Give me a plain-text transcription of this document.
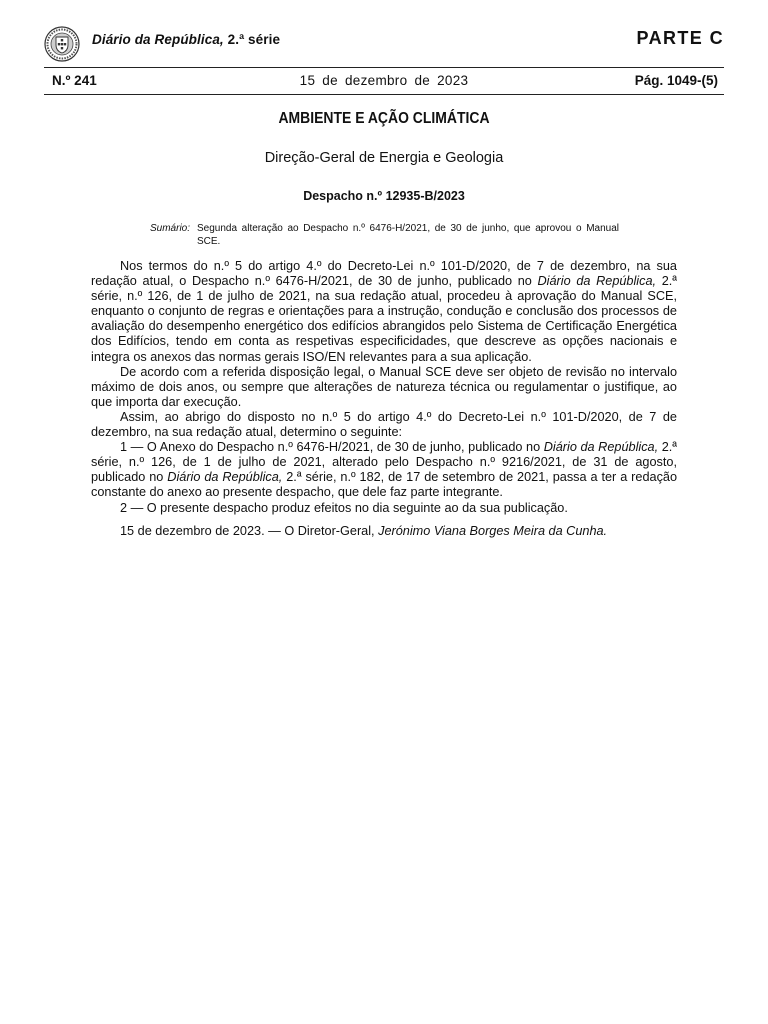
Diário da República, 2.ª série	PARTE C
15 de dezembro de 2023
N.º 241	Pág. 1049-(5)
AMBIENTE E AÇÃO CLIMÁTICA
Direção-Geral de Energia e Geologia
Despacho n.º 12935-B/2023
Sumário: Segunda alteração ao Despacho n.º 6476-H/2021, de 30 de junho, que aprovou o Manual SCE.

Nos termos do n.º 5 do artigo 4.º do Decreto-Lei n.º 101-D/2020, de 7 de dezembro, na sua redação atual, o Despacho n.º 6476-H/2021, de 30 de junho, publicado no Diário da República, 2.ª série, n.º 126, de 1 de julho de 2021, na sua redação atual, procedeu à aprovação do Manual SCE, enquanto o conjunto de regras e orientações para a instrução, condução e conclusão dos processos de avaliação do desempenho energético dos edifícios abrangidos pelo Sistema de Certificação Energética dos Edifícios, tendo em conta as respetivas especificidades, que descreve as opções nacionais e integra os anexos das normas gerais ISO/EN relevantes para a sua aplicação.

De acordo com a referida disposição legal, o Manual SCE deve ser objeto de revisão no intervalo máximo de dois anos, ou sempre que alterações de natureza técnica ou regulamentar o justifique, ao que importa dar execução.

Assim, ao abrigo do disposto no n.º 5 do artigo 4.º do Decreto-Lei n.º 101-D/2020, de 7 de dezembro, na sua redação atual, determino o seguinte:

1 — O Anexo do Despacho n.º 6476-H/2021, de 30 de junho, publicado no Diário da República, 2.ª série, n.º 126, de 1 de julho de 2021, alterado pelo Despacho n.º 9216/2021, de 31 de agosto, publicado no Diário da República, 2.ª série, n.º 182, de 17 de setembro de 2021, passa a ter a redação constante do anexo ao presente despacho, que dele faz parte integrante.

2 — O presente despacho produz efeitos no dia seguinte ao da sua publicação.

15 de dezembro de 2023. — O Diretor-Geral, Jerónimo Viana Borges Meira da Cunha.
